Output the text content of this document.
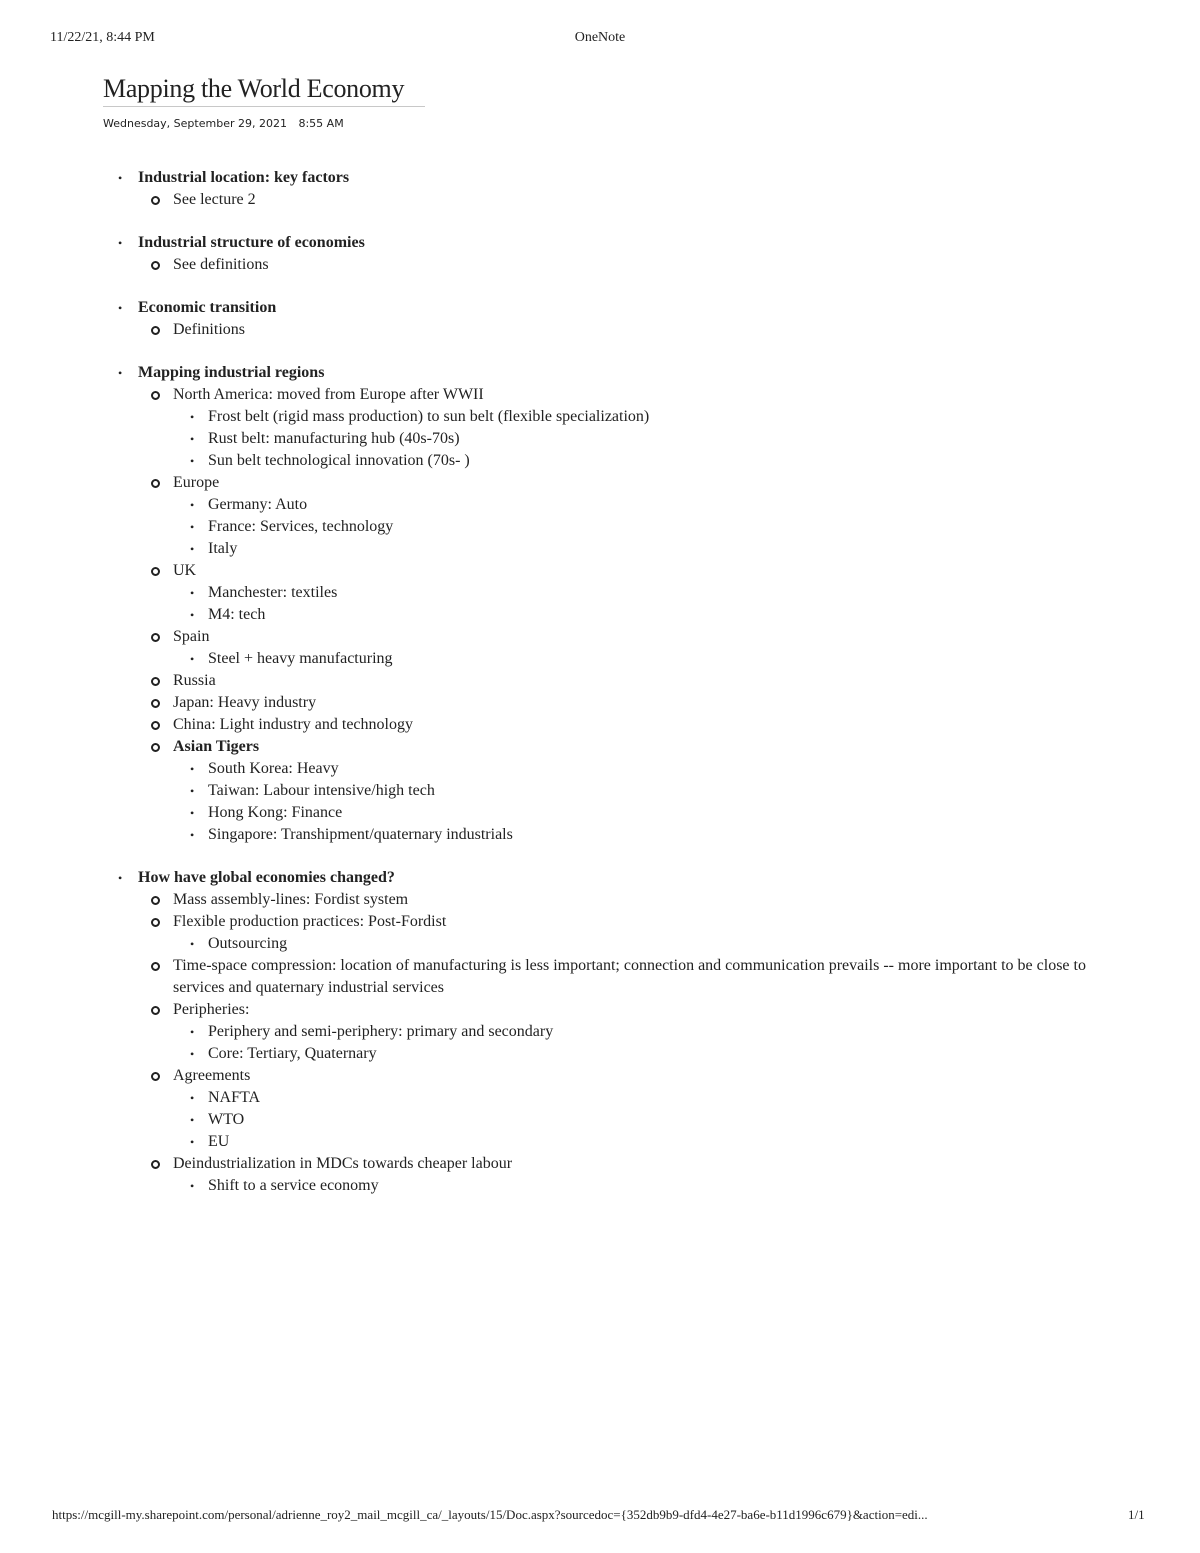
11/22/21, 8:44 PM	OneNote
Mapping the World Economy
Wednesday, September 29, 2021 8:55 AM
• Industrial location: key factors
See lecture 2
• Industrial structure of economies
See definitions
• Economic transition
Definitions
• Mapping industrial regions
North America: moved from Europe after WWII
• Frost belt (rigid mass production) to sun belt (flexible specialization)
• Rust belt: manufacturing hub (40s-70s)
• Sun belt technological innovation (70s- )
Europe
• Germany: Auto
• France: Services, technology
• Italy
UK
• Manchester: textiles
• M4: tech
Spain
• Steel + heavy manufacturing
Russia
Japan: Heavy industry
China: Light industry and technology
Asian Tigers
• South Korea: Heavy
• Taiwan: Labour intensive/high tech
• Hong Kong: Finance
• Singapore: Transhipment/quaternary industrials
• How have global economies changed?
Mass assembly-lines: Fordist system
Flexible production practices: Post-Fordist
• Outsourcing
Time-space compression: location of manufacturing is less important; connection and communication prevails -- more important to be close to services and quaternary industrial services
Peripheries:
• Periphery and semi-periphery: primary and secondary
• Core: Tertiary, Quaternary
Agreements
• NAFTA
• WTO
• EU
Deindustrialization in MDCs towards cheaper labour
• Shift to a service economy
https://mcgill-my.sharepoint.com/personal/adrienne_roy2_mail_mcgill_ca/_layouts/15/Doc.aspx?sourcedoc={352db9b9-dfd4-4e27-ba6e-b11d1996c679}&action=edi...	1/1
